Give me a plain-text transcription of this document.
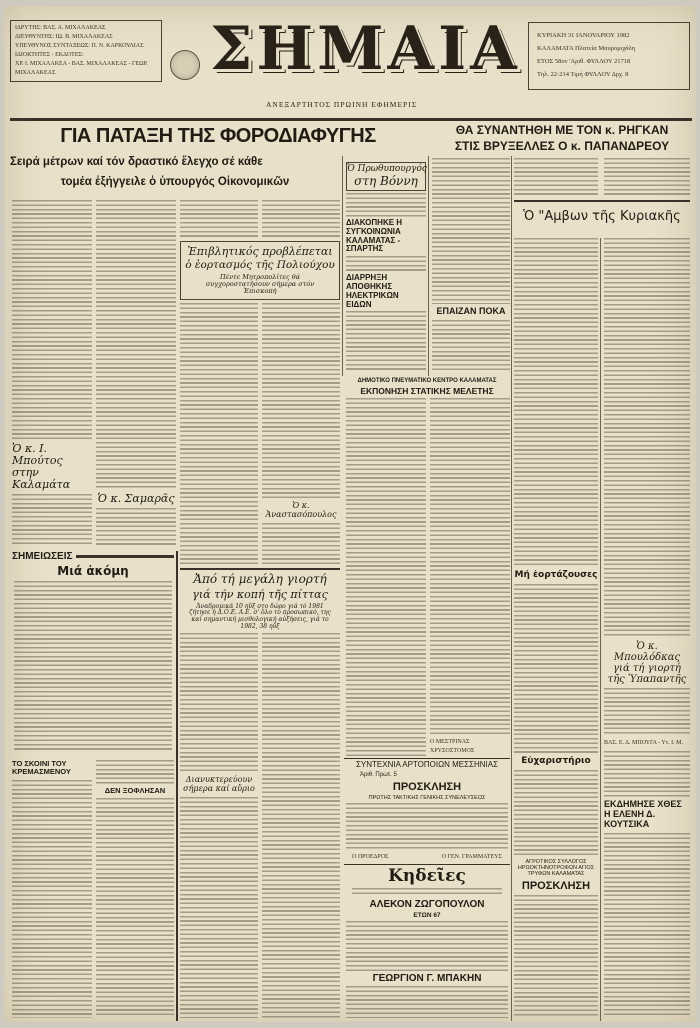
ΙΔΡΥΤΗΣ: ΒΑΣ. Α. ΜΙΧΑΛΑΚΕΑΣ
ΔΙΕΥΘΥΝΤΗΣ: ΙΩ. Β. ΜΙΧΑΛΑΚΕΑΣ
ΥΠΕΥΘΥΝΟΣ ΣΥΝΤΑΞΕΩΣ: Π. Ν. ΚΑΡΚΟΥΛΙΑΣ
ΙΔΙΟΚΤΗΤΕΣ - ΕΚΔΟΤΕΣ:
ΧΡ. Ι. ΜΙΧΑΛΑΚΕΑ - ΒΑΣ. ΜΙΧΑΛΑΚΕΑΣ - ΓΕΩΡ. ΜΙΧΑΛΑΚΕΑΣ	ΣΗΜΑΙΑ
ΑΝΕΞΑΡΤΗΤΟΣ ΠΡΩΙΝΗ ΕΦΗΜΕΡΙΣ
ΚΥΡΙΑΚΗ 31 ΙΑΝΟΥΑΡΙΟΥ 1982
ΚΑΛΑΜΑΤΑ Πλατεία Μαυρομιχάλη
ΕΤΟΣ 58ον 'Αριθ. ΦΥΛΛΟΥ 21718
Τηλ. 22-214 Τιμή ΦΥΛΛΟΥ Δρχ. 8
ΓΙΑ ΠΑΤΑΞΗ ΤΗΣ ΦΟΡΟΔΙΑΦΥΓΗΣ
Σειρά μέτρων καί τόν δραστικό ἔλεγχο σέ κάθε
τομέα ἐξήγγειλε ὁ ὑπουργός Οἰκονομικῶν
ΘΑ ΣΥΝΑΝΤΗΘΗ ΜΕ ΤΟΝ κ. ΡΗΓΚΑΝ
ΣΤΙΣ ΒΡΥΞΕΛΛΕΣ Ο κ. ΠΑΠΑΝΔΡΕΟΥ
Ὁ κ. Ι. Μπούτος στην Καλαμάτα
Ὁ κ. Σαμαρᾶς
ΣΗΜΕΙΩΣΕΙΣ
Μιά ἀκόμη
ΤΟ ΣΚΟΙΝΙ ΤΟΥ ΚΡΕΜΑΣΜΕΝΟΥ
ΔΕΝ ΞΟΦΛΗΣΑΝ
Ἐπιβλητικός προβλέπεται
ὁ ἑορτασμός τῆς Πολιούχου
Πέντε Μητροπολίτες θά συγχοροστατήσουν σήμερα στόν Ἐπισκοπή
Ὁ κ. Ἀναστασόπουλος
Ἀπό τή μεγάλη γιορτή
γιά τήν κοπή τῆς πίττας
Ἀναδρομικά 10 ηὔξ στο δώρο γιά τό 1981 ζήτησε ἡ Δ.Ο.Ε. Α.Ε. σ' ὅλο το προσωπικό, της καί σημαντική μισθολογική αὐξήσεις, γιά το 1982, 38 ηὔξ
Διανυκτερεύουν σήμερα καί αὔριο
Ὁ Πρωθυπουργός
στη Βόννη
ΔΙΑΚΟΠΗΚΕ Η ΣΥΓΚΟΙΝΩΝΙΑ ΚΑΛΑΜΑΤΑΣ - ΣΠΑΡΤΗΣ
ΔΙΑΡΡΗΞΗ ΑΠΟΘΗΚΗΣ ΗΛΕΚΤΡΙΚΩΝ ΕΙΔΩΝ
ΕΠΑΙΖΑΝ ΠΟΚΑ
ΔΗΜΟΤΙΚΟ ΠΝΕΥΜΑΤΙΚΟ ΚΕΝΤΡΟ ΚΑΛΑΜΑΤΑΣ
ΕΚΠΟΝΗΣΗ ΣΤΑΤΙΚΗΣ ΜΕΛΕΤΗΣ
Ο ΜΕΣΤΡΙΝΑΣ ΧΡΥΣΟΣΤΟΜΟΣ
ΣΥΝΤΕΧΝΙΑ ΑΡΤΟΠΟΙΩΝ ΜΕΣΣΗΝΙΑΣ
Ἀριθ. Πρωτ. 5
ΠΡΟΣΚΛΗΣΗ
ΠΡΩΤΗΣ ΤΑΚΤΙΚΗΣ ΓΕΝΙΚΗΣ ΣΥΝΕΛΕΥΣΕΩΣ
Ο ΠΡΟΕΔΡΟΣ	Ο ΓΕΝ. ΓΡΑΜΜΑΤΕΥΣ
Κηδεῖες
ΑΛΕΚΟΝ ΖΩΓΟΠΟΥΛΟΝ
ΕΤΩΝ 67
ΓΕΩΡΓΙΟΝ Γ. ΜΠΑΚΗΝ
Ὁ "Αμβων τῆς Κυριακῆς
Μή ἑορτάζουσες
Εὐχαριστήριο
ΑΓΡΟΤΙΚΟΣ ΣΥΛΛΟΓΟΣ ΗΡΩΟΚΤΗΝΟΤΡΟΦΩΝ ΑΓΙΟΣ ΤΡΥΦΩΝ ΚΑΛΑΜΑΤΑΣ
ΠΡΟΣΚΛΗΣΗ
Ὁ κ. Μπουλόδκας γιά τή γιορτή τῆς Ὑπαπαντῆς
ΒΑΣ. Ε. Δ. ΜΠΟΥΓΑ - Υτ. Ι. Μ.
ΕΚΔΗΜΗΣΕ ΧΘΕΣ Η ΕΛΕΝΗ Δ. ΚΟΥΤΣΙΚΑ
